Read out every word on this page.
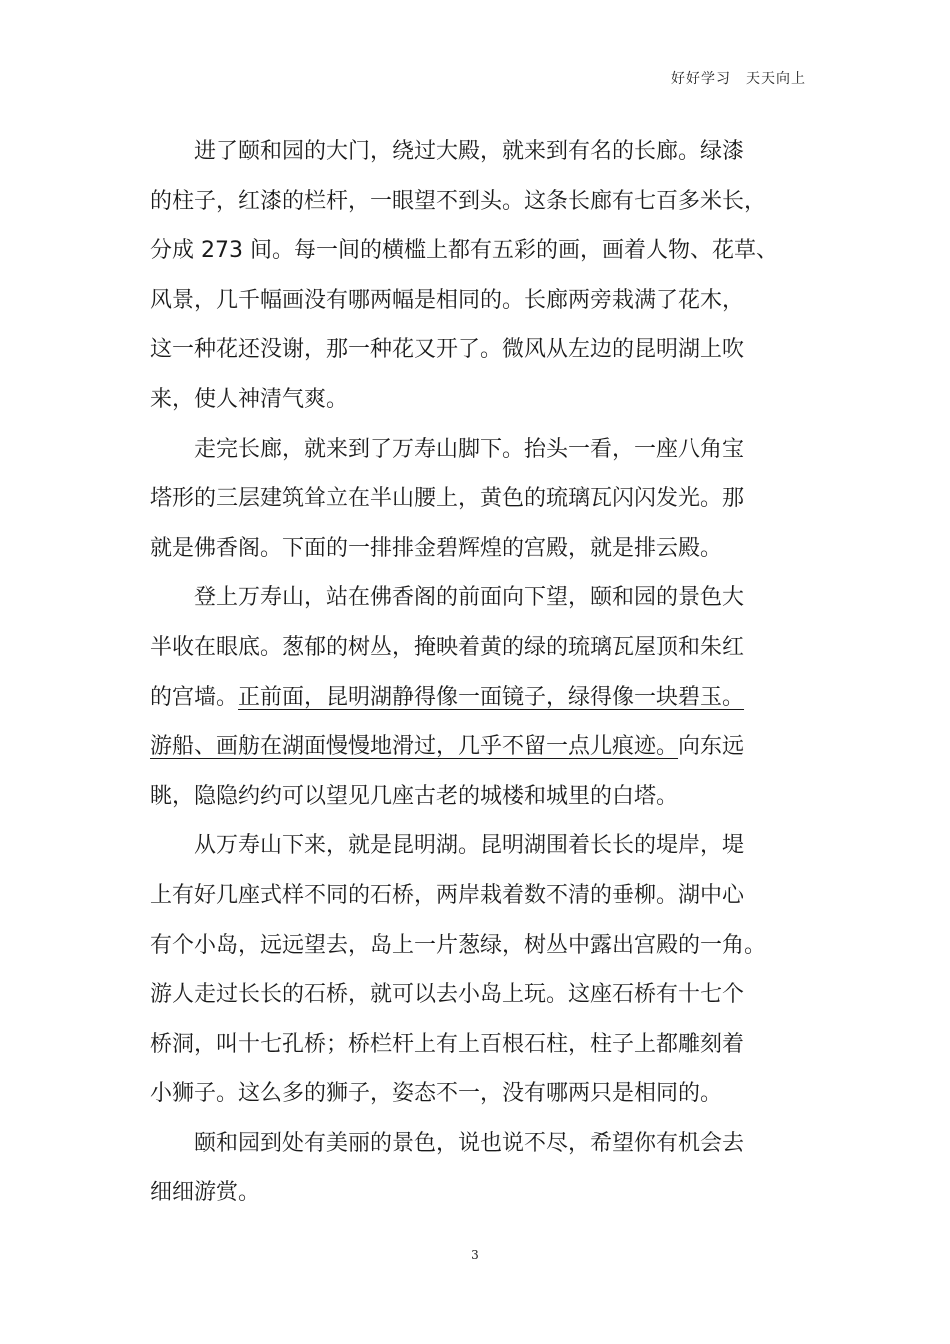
好好学习　天天向上
进了颐和园的大门，绕过大殿，就来到有名的长廊。绿漆
的柱子，红漆的栏杆，一眼望不到头。这条长廊有七百多米长，
分成 273 间。每一间的横槛上都有五彩的画，画着人物、花草、
风景，几千幅画没有哪两幅是相同的。长廊两旁栽满了花木，
这一种花还没谢，那一种花又开了。微风从左边的昆明湖上吹
来，使人神清气爽。
走完长廊，就来到了万寿山脚下。抬头一看，一座八角宝
塔形的三层建筑耸立在半山腰上，黄色的琉璃瓦闪闪发光。那
就是佛香阁。下面的一排排金碧辉煌的宫殿，就是排云殿。
登上万寿山，站在佛香阁的前面向下望，颐和园的景色大
半收在眼底。葱郁的树丛，掩映着黄的绿的琉璃瓦屋顶和朱红
的宫墙。正前面，昆明湖静得像一面镜子，绿得像一块碧玉。
游船、画舫在湖面慢慢地滑过，几乎不留一点儿痕迹。向东远
眺，隐隐约约可以望见几座古老的城楼和城里的白塔。
从万寿山下来，就是昆明湖。昆明湖围着长长的堤岸，堤
上有好几座式样不同的石桥，两岸栽着数不清的垂柳。湖中心
有个小岛，远远望去，岛上一片葱绿，树丛中露出宫殿的一角。
游人走过长长的石桥，就可以去小岛上玩。这座石桥有十七个
桥洞，叫十七孔桥；桥栏杆上有上百根石柱，柱子上都雕刻着
小狮子。这么多的狮子，姿态不一，没有哪两只是相同的。
颐和园到处有美丽的景色，说也说不尽，希望你有机会去
细细游赏。
3
